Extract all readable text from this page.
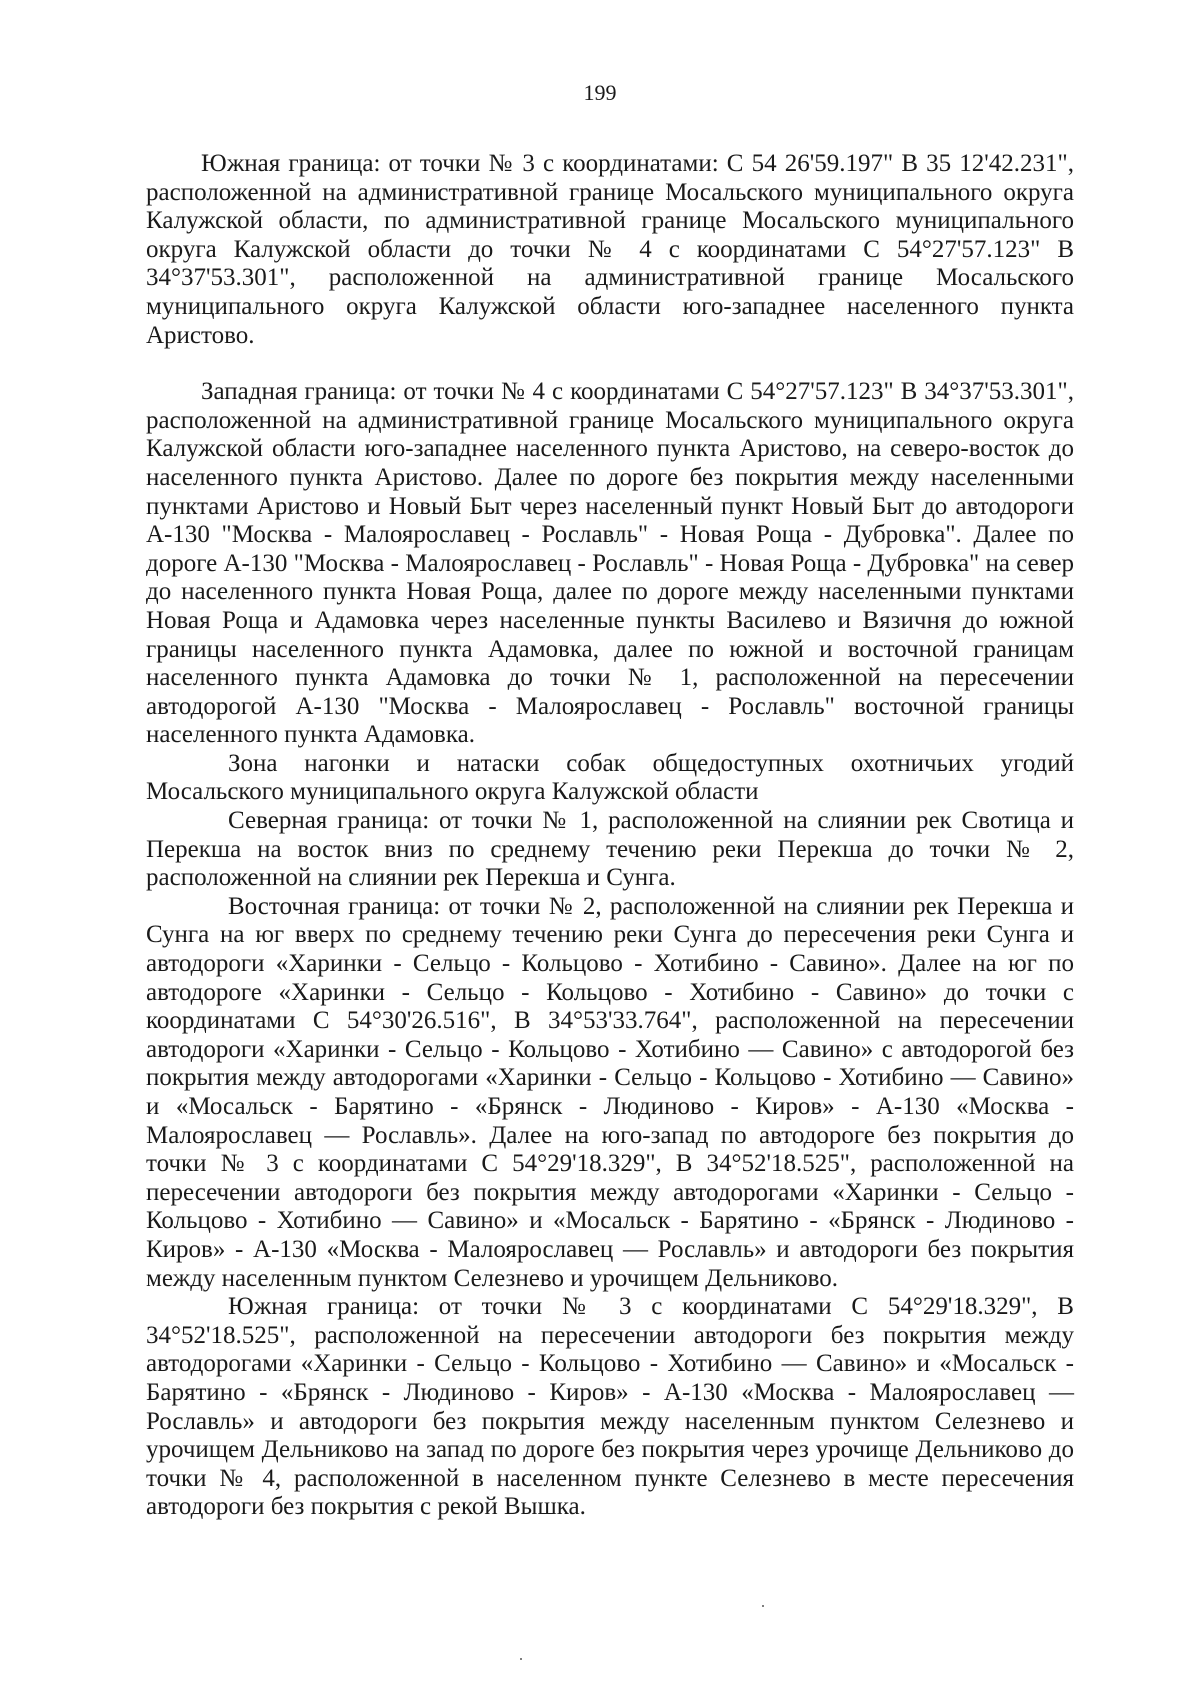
199

Южная граница: от точки № 3 с координатами: С 54 26'59.197" В 35 12'42.231", расположенной на административной границе Мосальского муниципального округа Калужской области, по административной границе Мосальского муниципального округа Калужской области до точки № 4 с координатами С 54°27'57.123" В 34°37'53.301", расположенной на административной границе Мосальского муниципального округа Калужской области юго-западнее населенного пункта Аристово.

Западная граница: от точки № 4 с координатами С 54°27'57.123" В 34°37'53.301", расположенной на административной границе Мосальского муниципального округа Калужской области юго-западнее населенного пункта Аристово, на северо-восток до населенного пункта Аристово. Далее по дороге без покрытия между населенными пунктами Аристово и Новый Быт через населенный пункт Новый Быт до автодороги А-130 "Москва - Малоярославец - Рославль" - Новая Роща - Дубровка". Далее по дороге А-130 "Москва - Малоярославец - Рославль" - Новая Роща - Дубровка" на север до населенного пункта Новая Роща, далее по дороге между населенными пунктами Новая Роща и Адамовка через населенные пункты Василево и Вязичня до южной границы населенного пункта Адамовка, далее по южной и восточной границам населенного пункта Адамовка до точки № 1, расположенной на пересечении автодорогой А-130 "Москва - Малоярославец - Рославль" восточной границы населенного пункта Адамовка.

Зона нагонки и натаски собак общедоступных охотничьих угодий Мосальского муниципального округа Калужской области

Северная граница: от точки № 1, расположенной на слиянии рек Свотица и Перекша на восток вниз по среднему течению реки Перекша до точки № 2, расположенной на слиянии рек Перекша и Сунга.

Восточная граница: от точки № 2, расположенной на слиянии рек Перекша и Сунга на юг вверх по среднему течению реки Сунга до пересечения реки Сунга и автодороги «Харинки - Сельцо - Кольцово - Хотибино - Савино». Далее на юг по автодороге «Харинки - Сельцо - Кольцово - Хотибино - Савино» до точки с координатами С 54°30'26.516", В 34°53'33.764", расположенной на пересечении автодороги «Харинки - Сельцо - Кольцово - Хотибино — Савино» с автодорогой без покрытия между автодорогами «Харинки - Сельцо - Кольцово - Хотибино — Савино» и «Мосальск - Барятино - «Брянск - Людиново - Киров» - А-130 «Москва - Малоярославец — Рославль». Далее на юго-запад по автодороге без покрытия до точки № 3 с координатами С 54°29'18.329", В 34°52'18.525", расположенной на пересечении автодороги без покрытия между автодорогами «Харинки - Сельцо - Кольцово - Хотибино — Савино» и «Мосальск - Барятино - «Брянск - Людиново - Киров» - А-130 «Москва - Малоярославец — Рославль» и автодороги без покрытия между населенным пунктом Селезнево и урочищем Дельниково.

Южная граница: от точки № 3 с координатами С 54°29'18.329", В 34°52'18.525", расположенной на пересечении автодороги без покрытия между автодорогами «Харинки - Сельцо - Кольцово - Хотибино — Савино» и «Мосальск - Барятино - «Брянск - Людиново - Киров» - А-130 «Москва - Малоярославец — Рославль» и автодороги без покрытия между населенным пунктом Селезнево и урочищем Дельниково на запад по дороге без покрытия через урочище Дельниково до точки № 4, расположенной в населенном пункте Селезнево в месте пересечения автодороги без покрытия с рекой Вышка.
